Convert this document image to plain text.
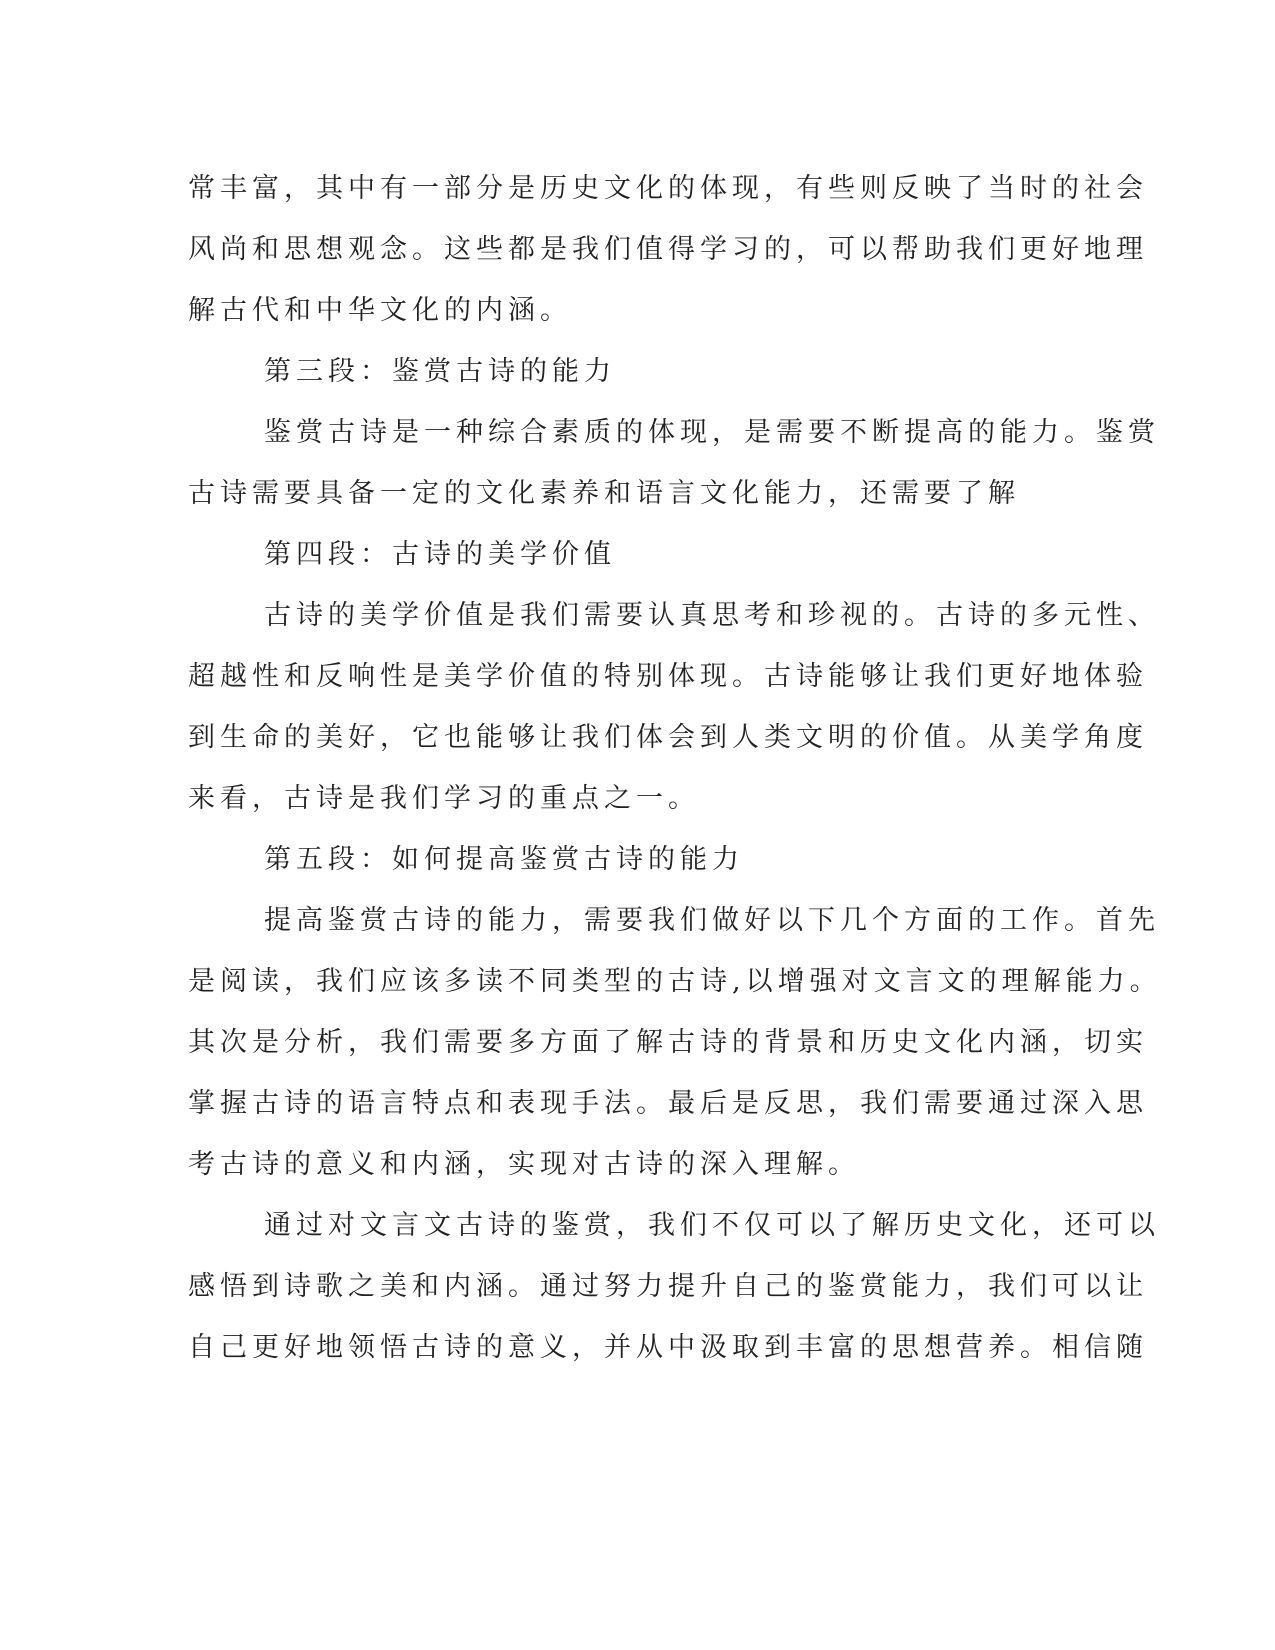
常丰富，其中有一部分是历史文化的体现，有些则反映了当时的社会
风尚和思想观念。这些都是我们值得学习的，可以帮助我们更好地理
解古代和中华文化的内涵。
第三段：鉴赏古诗的能力
鉴赏古诗是一种综合素质的体现，是需要不断提高的能力。鉴赏
古诗需要具备一定的文化素养和语言文化能力，还需要了解
第四段：古诗的美学价值
古诗的美学价值是我们需要认真思考和珍视的。古诗的多元性、
超越性和反响性是美学价值的特别体现。古诗能够让我们更好地体验
到生命的美好，它也能够让我们体会到人类文明的价值。从美学角度
来看，古诗是我们学习的重点之一。
第五段：如何提高鉴赏古诗的能力
提高鉴赏古诗的能力，需要我们做好以下几个方面的工作。首先
是阅读，我们应该多读不同类型的古诗,以增强对文言文的理解能力。
其次是分析，我们需要多方面了解古诗的背景和历史文化内涵，切实
掌握古诗的语言特点和表现手法。最后是反思，我们需要通过深入思
考古诗的意义和内涵，实现对古诗的深入理解。
通过对文言文古诗的鉴赏，我们不仅可以了解历史文化，还可以
感悟到诗歌之美和内涵。通过努力提升自己的鉴赏能力，我们可以让
自己更好地领悟古诗的意义，并从中汲取到丰富的思想营养。相信随
